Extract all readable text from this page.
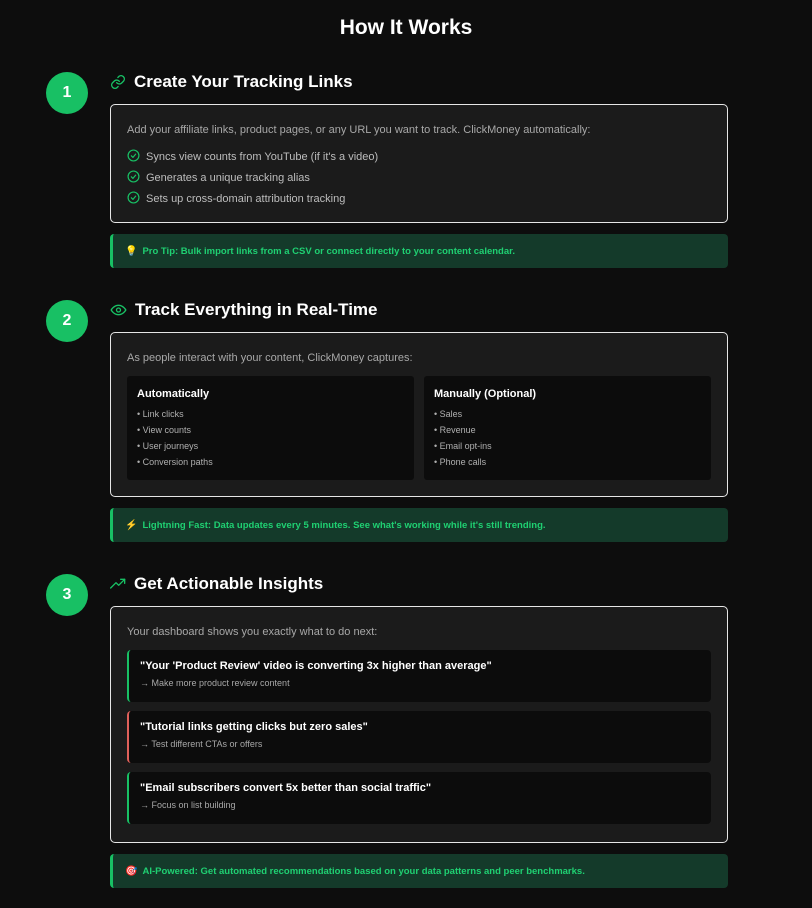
How It Works
1
Create Your Tracking Links
Add your affiliate links, product pages, or any URL you want to track. ClickMoney automatically:
Syncs view counts from YouTube (if it's a video)
Generates a unique tracking alias
Sets up cross-domain attribution tracking
💡 Pro Tip: Bulk import links from a CSV or connect directly to your content calendar.
2
Track Everything in Real-Time
As people interact with your content, ClickMoney captures:
Automatically
• Link clicks
• View counts
• User journeys
• Conversion paths
Manually (Optional)
• Sales
• Revenue
• Email opt-ins
• Phone calls
⚡ Lightning Fast: Data updates every 5 minutes. See what's working while it's still trending.
3
Get Actionable Insights
Your dashboard shows you exactly what to do next:
"Your 'Product Review' video is converting 3x higher than average"
→ Make more product review content
"Tutorial links getting clicks but zero sales"
→ Test different CTAs or offers
"Email subscribers convert 5x better than social traffic"
→ Focus on list building
🎯 AI-Powered: Get automated recommendations based on your data patterns and peer benchmarks.
